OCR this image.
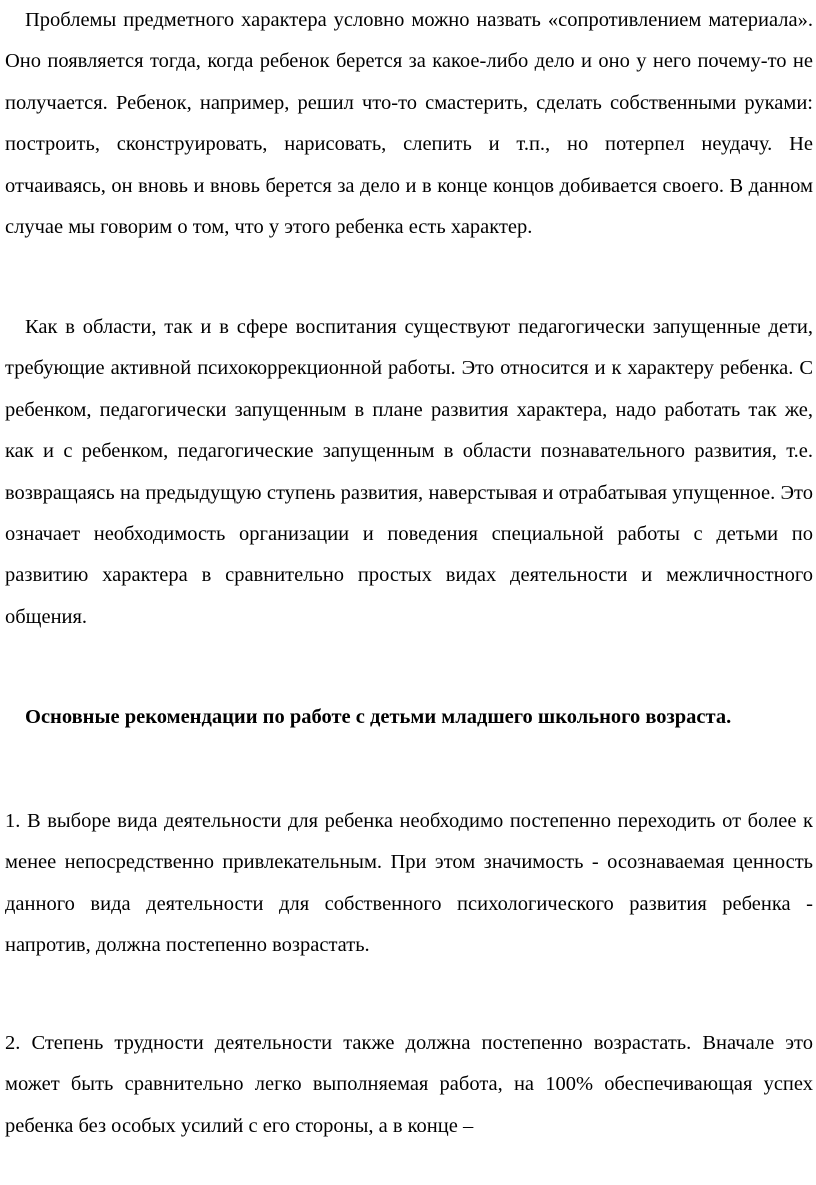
Проблемы предметного характера условно можно назвать «сопротивлением материала». Оно появляется тогда, когда ребенок берется за какое-либо дело и оно у него почему-то не получается. Ребенок, например, решил что-то смастерить, сделать собственными руками: построить, сконструировать, нарисовать, слепить и т.п., но потерпел неудачу. Не отчаиваясь, он вновь и вновь берется за дело и в конце концов добивается своего. В данном случае мы говорим о том, что у этого ребенка есть характер.

Как в области, так и в сфере воспитания существуют педагогически запущенные дети, требующие активной психокоррекционной работы. Это относится и к характеру ребенка. С ребенком, педагогически запущенным в плане развития характера, надо работать так же, как и с ребенком, педагогические запущенным в области познавательного развития, т.е. возвращаясь на предыдущую ступень развития, наверстывая и отрабатывая упущенное. Это означает необходимость организации и поведения специальной работы с детьми по развитию характера в сравнительно простых видах деятельности и межличностного общения.

Основные рекомендации по работе с детьми младшего школьного возраста.

1. В выборе вида деятельности для ребенка необходимо постепенно переходить от более к менее непосредственно привлекательным. При этом значимость - осознаваемая ценность данного вида деятельности для собственного психологического развития ребенка - напротив, должна постепенно возрастать.

2. Степень трудности деятельности также должна постепенно возрастать. Вначале это может быть сравнительно легко выполняемая работа, на 100% обеспечивающая успех ребенка без особых усилий с его стороны, а в конце –
